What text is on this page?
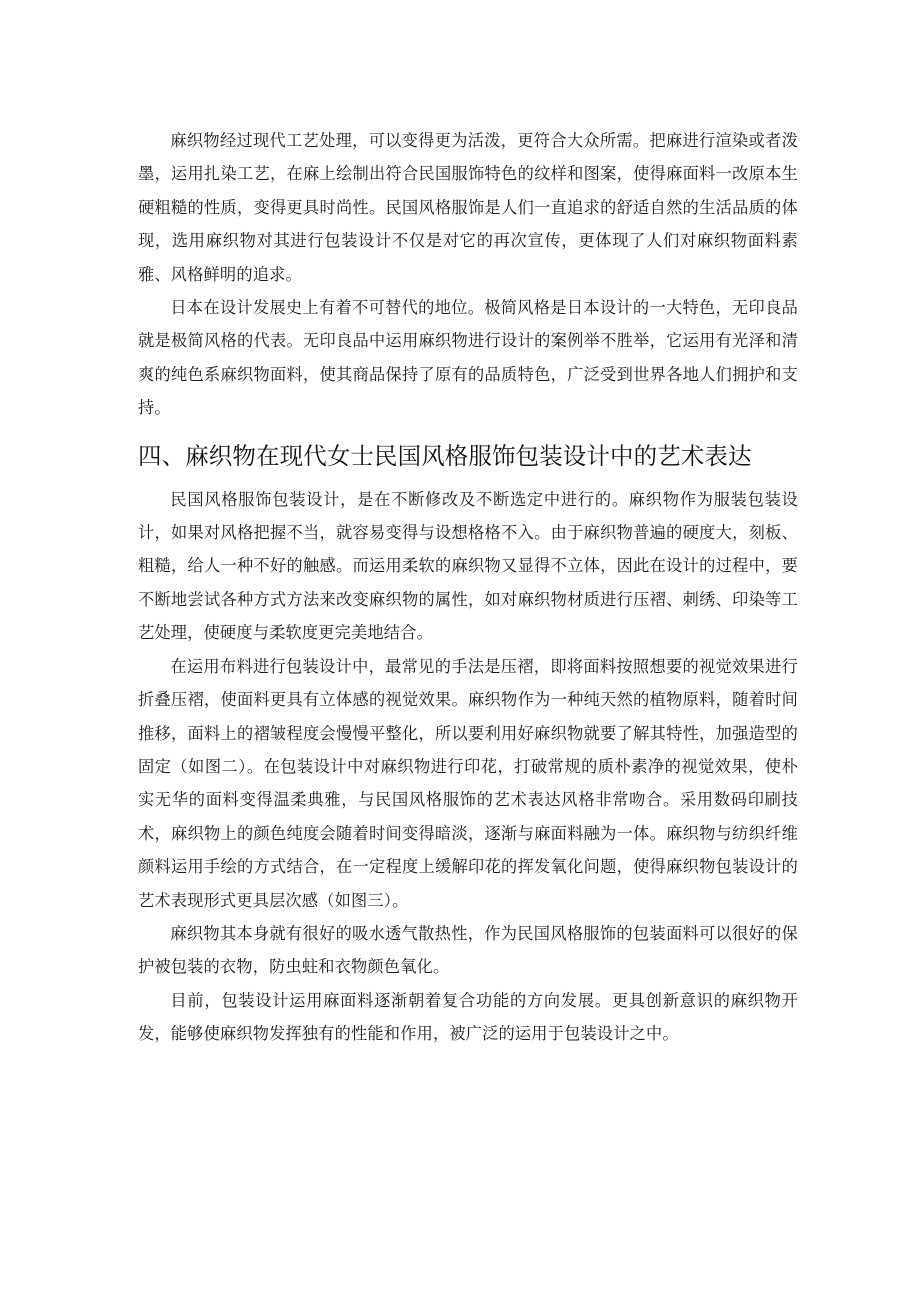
麻织物经过现代工艺处理，可以变得更为活泼，更符合大众所需。把麻进行渲染或者泼墨，运用扎染工艺，在麻上绘制出符合民国服饰特色的纹样和图案，使得麻面料一改原本生硬粗糙的性质，变得更具时尚性。民国风格服饰是人们一直追求的舒适自然的生活品质的体现，选用麻织物对其进行包装设计不仅是对它的再次宣传，更体现了人们对麻织物面料素雅、风格鲜明的追求。

日本在设计发展史上有着不可替代的地位。极简风格是日本设计的一大特色，无印良品就是极简风格的代表。无印良品中运用麻织物进行设计的案例举不胜举，它运用有光泽和清爽的纯色系麻织物面料，使其商品保持了原有的品质特色，广泛受到世界各地人们拥护和支持。

四、麻织物在现代女士民国风格服饰包装设计中的艺术表达

民国风格服饰包装设计，是在不断修改及不断选定中进行的。麻织物作为服装包装设计，如果对风格把握不当，就容易变得与设想格格不入。由于麻织物普遍的硬度大，刻板、粗糙，给人一种不好的触感。而运用柔软的麻织物又显得不立体，因此在设计的过程中，要不断地尝试各种方式方法来改变麻织物的属性，如对麻织物材质进行压褶、刺绣、印染等工艺处理，使硬度与柔软度更完美地结合。

在运用布料进行包装设计中，最常见的手法是压褶，即将面料按照想要的视觉效果进行折叠压褶，使面料更具有立体感的视觉效果。麻织物作为一种纯天然的植物原料，随着时间推移，面料上的褶皱程度会慢慢平整化，所以要利用好麻织物就要了解其特性，加强造型的固定（如图二）。在包装设计中对麻织物进行印花，打破常规的质朴素净的视觉效果，使朴实无华的面料变得温柔典雅，与民国风格服饰的艺术表达风格非常吻合。采用数码印刷技术，麻织物上的颜色纯度会随着时间变得暗淡，逐渐与麻面料融为一体。麻织物与纺织纤维颜料运用手绘的方式结合，在一定程度上缓解印花的挥发氧化问题，使得麻织物包装设计的艺术表现形式更具层次感（如图三）。

麻织物其本身就有很好的吸水透气散热性，作为民国风格服饰的包装面料可以很好的保护被包装的衣物，防虫蛀和衣物颜色氧化。

目前，包装设计运用麻面料逐渐朝着复合功能的方向发展。更具创新意识的麻织物开发，能够使麻织物发挥独有的性能和作用，被广泛的运用于包装设计之中。
